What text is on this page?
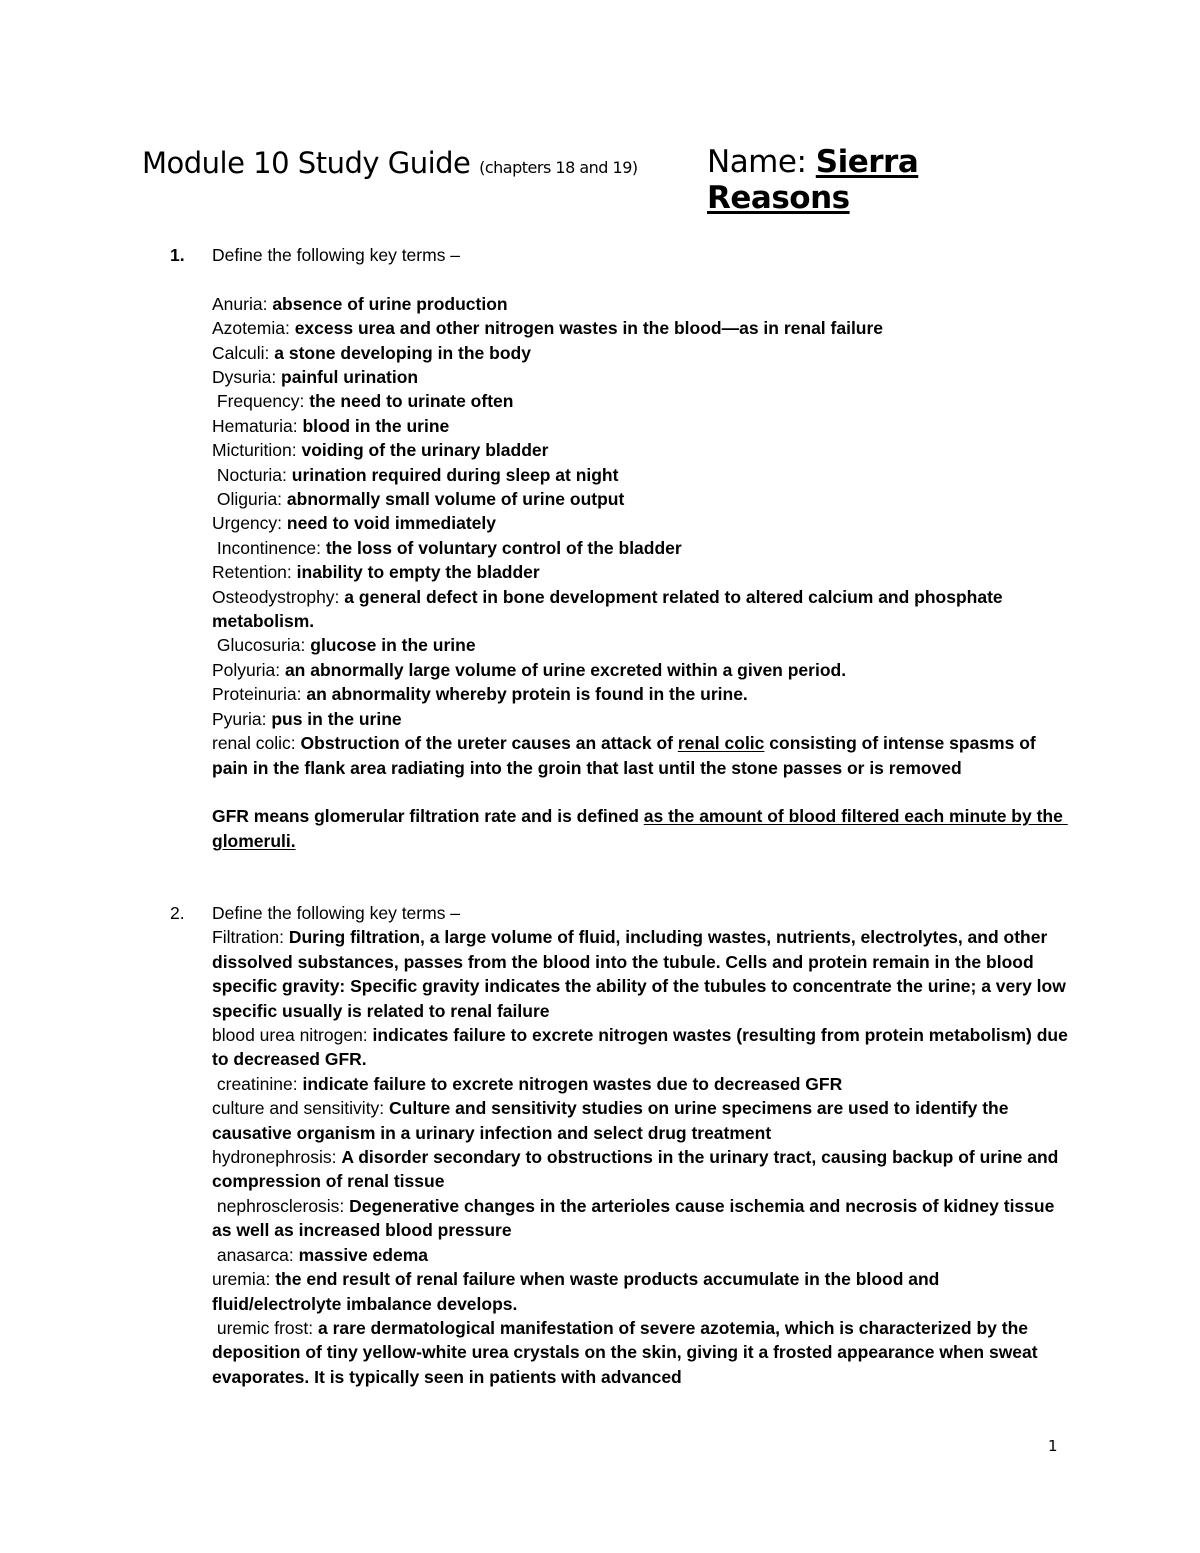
Module 10 Study Guide (chapters 18 and 19) Name: Sierra Reasons
1.	Define the following key terms –
Anuria: absence of urine production
Azotemia: excess urea and other nitrogen wastes in the blood—as in renal failure
Calculi: a stone developing in the body
Dysuria: painful urination
Frequency: the need to urinate often
Hematuria: blood in the urine
Micturition: voiding of the urinary bladder
Nocturia: urination required during sleep at night
Oliguria: abnormally small volume of urine output
Urgency: need to void immediately
Incontinence: the loss of voluntary control of the bladder
Retention: inability to empty the bladder
Osteodystrophy: a general defect in bone development related to altered calcium and phosphate metabolism.
Glucosuria: glucose in the urine
Polyuria: an abnormally large volume of urine excreted within a given period.
Proteinuria: an abnormality whereby protein is found in the urine.
Pyuria: pus in the urine
renal colic: Obstruction of the ureter causes an attack of renal colic consisting of intense spasms of pain in the flank area radiating into the groin that last until the stone passes or is removed
GFR means glomerular filtration rate and is defined as the amount of blood filtered each minute by the glomeruli.
2.	Define the following key terms –
Filtration: During filtration, a large volume of fluid, including wastes, nutrients, electrolytes, and other dissolved substances, passes from the blood into the tubule. Cells and protein remain in the blood
specific gravity: Specific gravity indicates the ability of the tubules to concentrate the urine; a very low specific usually is related to renal failure
blood urea nitrogen: indicates failure to excrete nitrogen wastes (resulting from protein metabolism) due to decreased GFR.
creatinine: indicate failure to excrete nitrogen wastes due to decreased GFR
culture and sensitivity: Culture and sensitivity studies on urine specimens are used to identify the causative organism in a urinary infection and select drug treatment
hydronephrosis: A disorder secondary to obstructions in the urinary tract, causing backup of urine and compression of renal tissue
nephrosclerosis: Degenerative changes in the arterioles cause ischemia and necrosis of kidney tissue as well as increased blood pressure
anasarca: massive edema
uremia: the end result of renal failure when waste products accumulate in the blood and fluid/electrolyte imbalance develops.
uremic frost: a rare dermatological manifestation of severe azotemia, which is characterized by the deposition of tiny yellow-white urea crystals on the skin, giving it a frosted appearance when sweat evaporates. It is typically seen in patients with advanced
1
